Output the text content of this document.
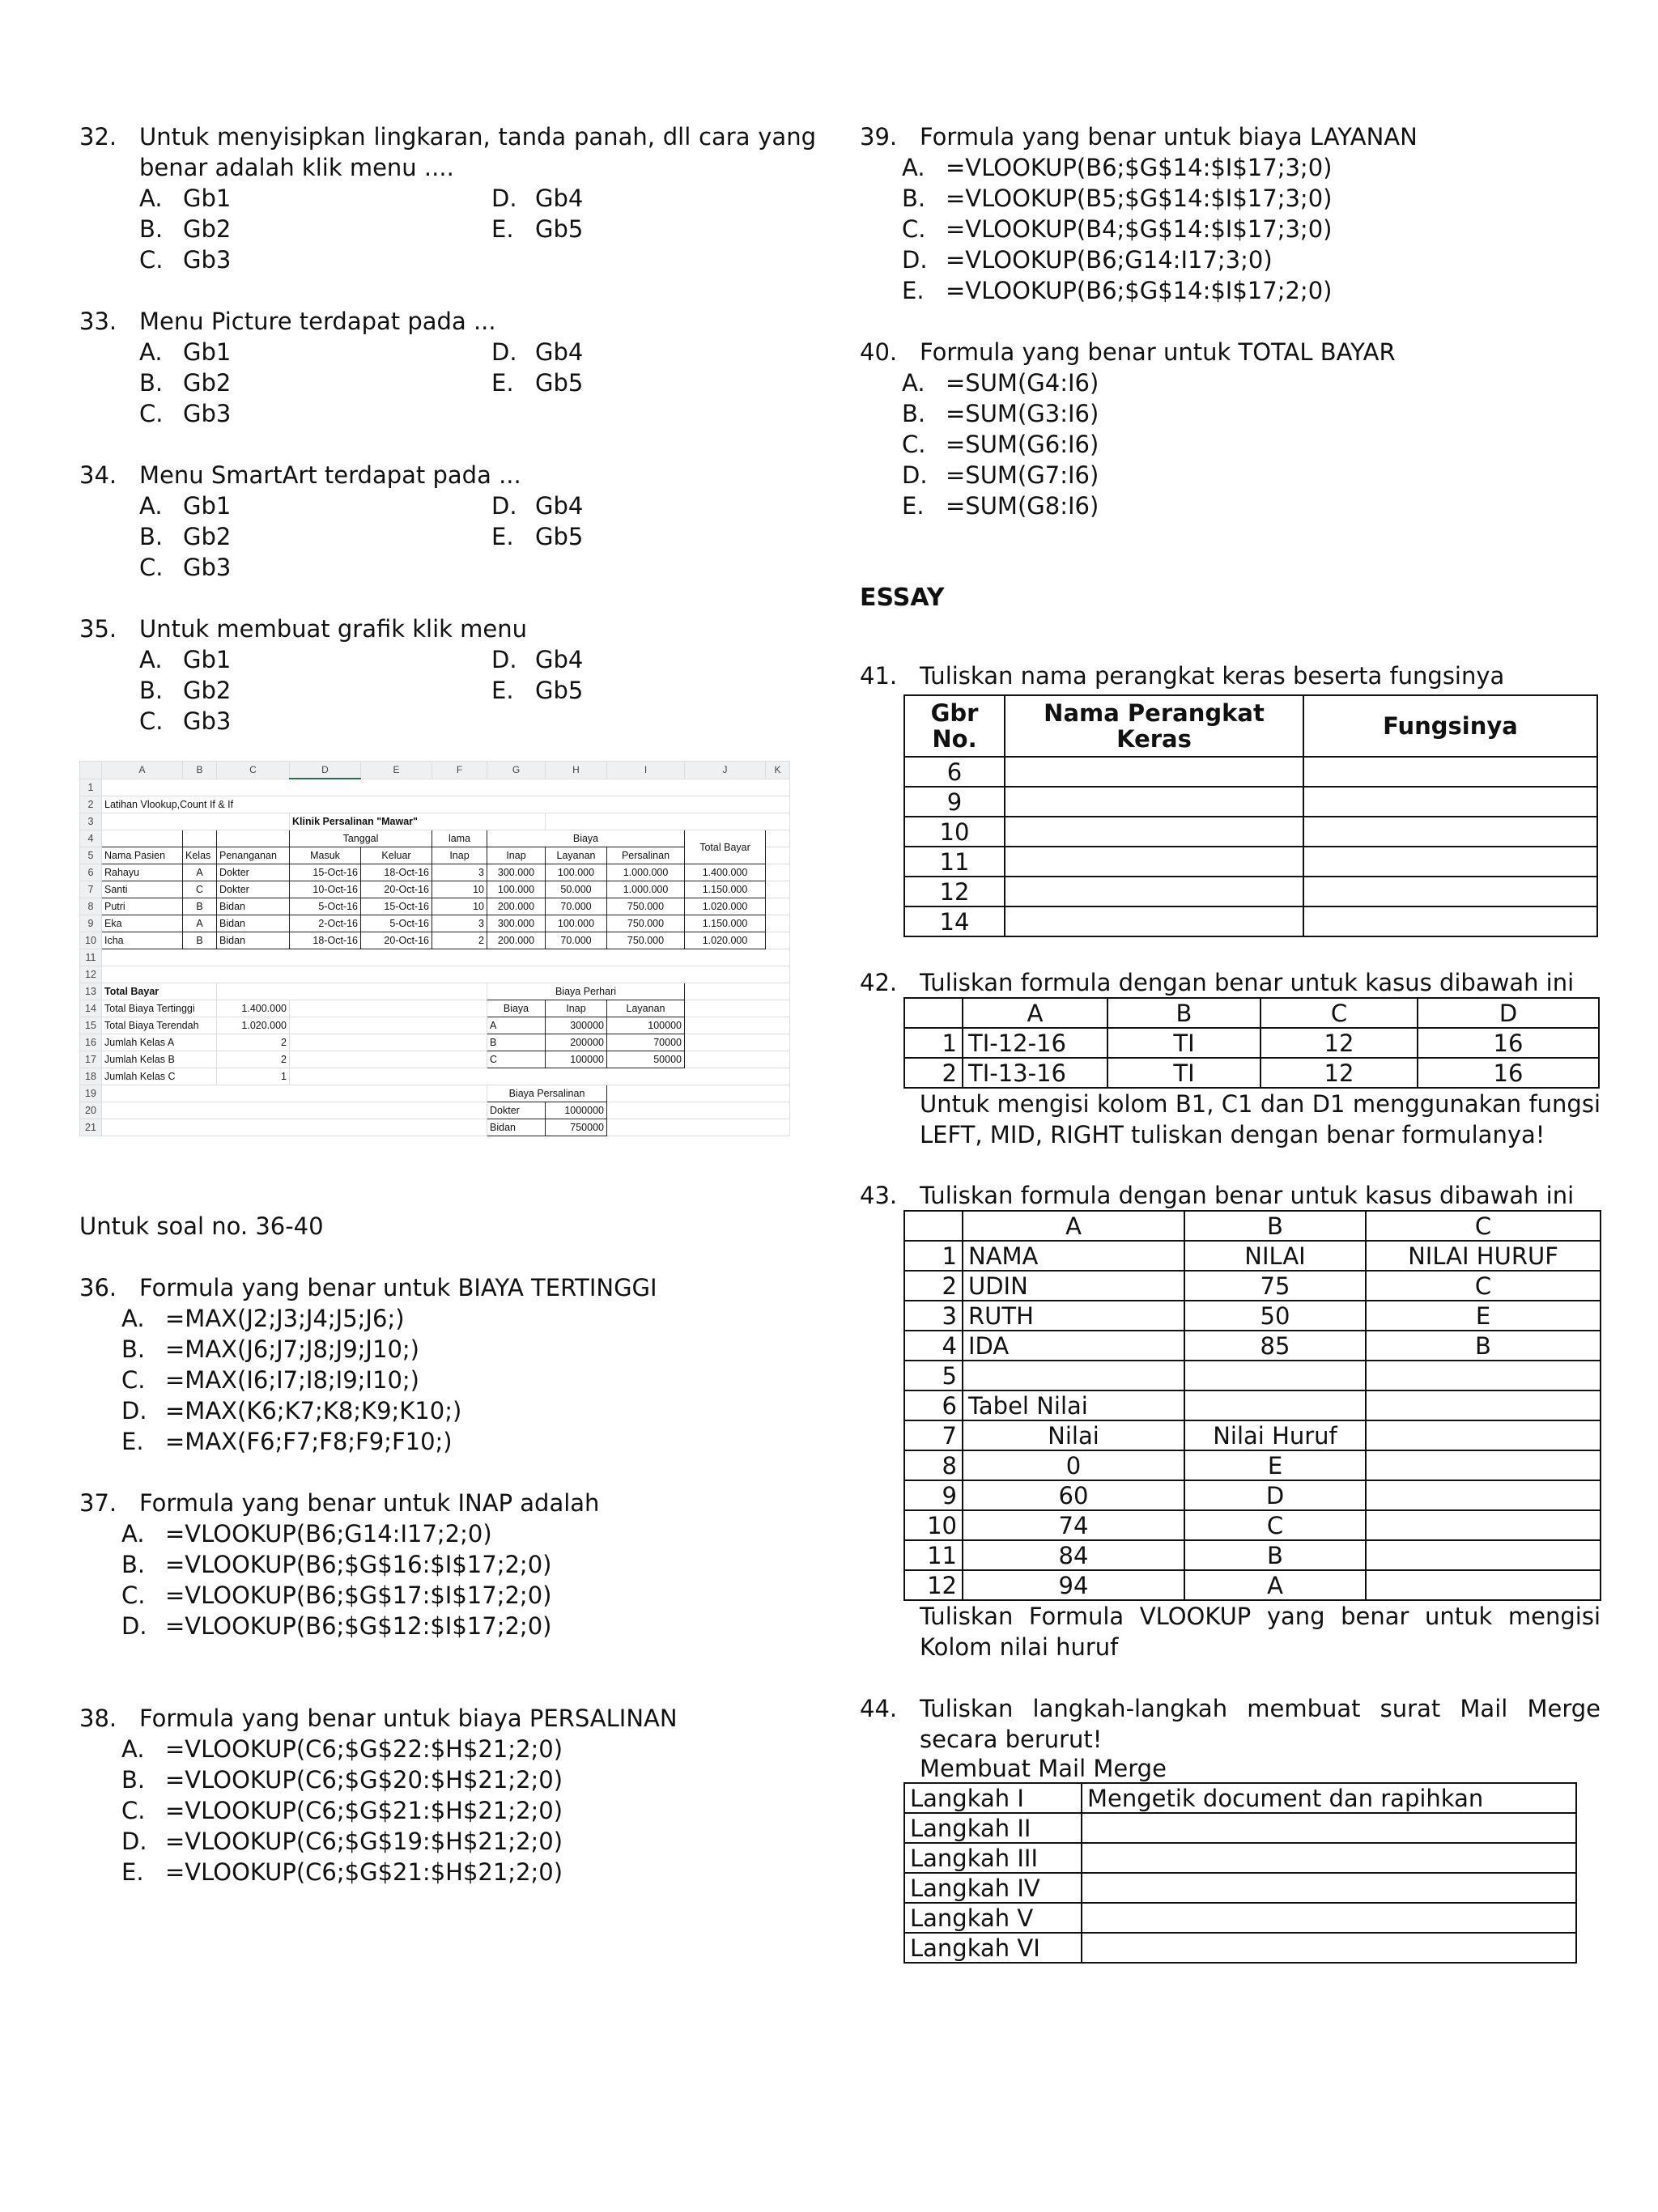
32. Untuk menyisipkan lingkaran, tanda panah, dll cara yang benar adalah klik menu ....
A. Gb1	D. Gb4
B. Gb2	E. Gb5
C. Gb3
33. Menu Picture terdapat pada ...
A. Gb1	D. Gb4
B. Gb2	E. Gb5
C. Gb3
34. Menu SmartArt terdapat pada ...
A. Gb1	D. Gb4
B. Gb2	E. Gb5
C. Gb3
35. Untuk membuat grafik klik menu
A. Gb1	D. Gb4
B. Gb2	E. Gb5
C. Gb3
	A	B	C	D	E	F	G	H	I	J	K
1											
2	Latihan Vlookup,Count If & If										
3				Klinik Persalinan "Mawar"							
4				Tanggal		lama	Biaya			Total Bayar	
5	Nama Pasien	Kelas	Penanganan	Masuk	Keluar	Inap	Inap	Layanan	Persalinan		
6	Rahayu	A	Dokter	15-Oct-16	18-Oct-16	3	300.000	100.000	1.000.000	1.400.000	
7	Santi	C	Dokter	10-Oct-16	20-Oct-16	10	100.000	50.000	1.000.000	1.150.000	
8	Putri	B	Bidan	5-Oct-16	15-Oct-16	10	200.000	70.000	750.000	1.020.000	
9	Eka	A	Bidan	2-Oct-16	5-Oct-16	3	300.000	100.000	750.000	1.150.000	
10	Icha	B	Bidan	18-Oct-16	20-Oct-16	2	200.000	70.000	750.000	1.020.000	
11											
12											
13	Total Bayar						Biaya Perhari				
14	Total Biaya Tertinggi		1.400.000				Biaya	Inap	Layanan		
15	Total Biaya Terendah		1.020.000				A	300000	100000		
16	Jumlah Kelas A		2				B	200000	70000		
17	Jumlah Kelas B		2				C	100000	50000		
18	Jumlah Kelas C		1								
19							Biaya Persalinan				
20							Dokter	1000000			
21							Bidan	750000			
Untuk soal no. 36-40
36. Formula yang benar untuk BIAYA TERTINGGI
A. =MAX(J2;J3;J4;J5;J6;)
B. =MAX(J6;J7;J8;J9;J10;)
C. =MAX(I6;I7;I8;I9;I10;)
D. =MAX(K6;K7;K8;K9;K10;)
E. =MAX(F6;F7;F8;F9;F10;)
37. Formula yang benar untuk INAP adalah
A. =VLOOKUP(B6;G14:I17;2;0)
B. =VLOOKUP(B6;$G$16:$I$17;2;0)
C. =VLOOKUP(B6;$G$17:$I$17;2;0)
D. =VLOOKUP(B6;$G$12:$I$17;2;0)
38. Formula yang benar untuk biaya PERSALINAN
A. =VLOOKUP(C6;$G$22:$H$21;2;0)
B. =VLOOKUP(C6;$G$20:$H$21;2;0)
C. =VLOOKUP(C6;$G$21:$H$21;2;0)
D. =VLOOKUP(C6;$G$19:$H$21;2;0)
E. =VLOOKUP(C6;$G$21:$H$21;2;0)
39. Formula yang benar untuk biaya LAYANAN
A. =VLOOKUP(B6;$G$14:$I$17;3;0)
B. =VLOOKUP(B5;$G$14:$I$17;3;0)
C. =VLOOKUP(B4;$G$14:$I$17;3;0)
D. =VLOOKUP(B6;G14:I17;3;0)
E. =VLOOKUP(B6;$G$14:$I$17;2;0)
40. Formula yang benar untuk TOTAL BAYAR
A. =SUM(G4:I6)
B. =SUM(G3:I6)
C. =SUM(G6:I6)
D. =SUM(G7:I6)
E. =SUM(G8:I6)
ESSAY
41. Tuliskan nama perangkat keras beserta fungsinya
Gbr No.	Nama Perangkat Keras	Fungsinya
6		
9		
10		
11		
12		
14		
42. Tuliskan formula dengan benar untuk kasus dibawah ini
	A	B	C	D
1	TI-12-16	TI	12	16
2	TI-13-16	TI	12	16
Untuk mengisi kolom B1, C1 dan D1 menggunakan fungsi LEFT, MID, RIGHT tuliskan dengan benar formulanya!
43. Tuliskan formula dengan benar untuk kasus dibawah ini
	A	B	C
1	NAMA	NILAI	NILAI HURUF
2	UDIN	75	C
3	RUTH	50	E
4	IDA	85	B
5			
6	Tabel Nilai		
7	Nilai	Nilai Huruf	
8	0	E	
9	60	D	
10	74	C	
11	84	B	
12	94	A	
Tuliskan Formula VLOOKUP yang benar untuk mengisi Kolom nilai huruf
44. Tuliskan langkah-langkah membuat surat Mail Merge secara berurut!
Membuat Mail Merge
Langkah I	Mengetik document dan rapihkan
Langkah II	
Langkah III	
Langkah IV	
Langkah V	
Langkah VI	
